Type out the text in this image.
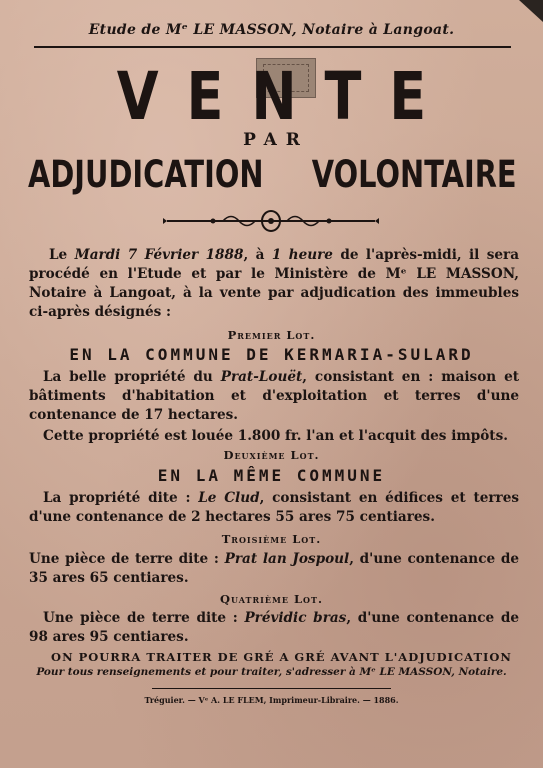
Etude de Mᵉ LE MASSON, Notaire à Langoat.
VENTE
PAR
ADJUDICATION VOLONTAIRE
Le Mardi 7 Février 1888, à 1 heure de l'après-midi, il sera procédé en l'Etude et par le Ministère de Mᵉ LE MASSON, Notaire à Langoat, à la vente par adjudication des immeubles ci-après désignés :
Premier Lot.
EN LA COMMUNE DE KERMARIA-SULARD
La belle propriété du Prat-Louët, consistant en : maison et bâtiments d'habitation et d'exploitation et terres d'une contenance de 17 hectares.
Cette propriété est louée 1.800 fr. l'an et l'acquit des impôts.
Deuxième Lot.
EN LA MÊME COMMUNE
La propriété dite : Le Clud, consistant en édifices et terres d'une contenance de 2 hectares 55 ares 75 centiares.
Troisième Lot.
Une pièce de terre dite : Prat lan Jospoul, d'une contenance de 35 ares 65 centiares.
Quatrième Lot.
Une pièce de terre dite : Prévidic bras, d'une contenance de 98 ares 95 centiares.
ON POURRA TRAITER DE GRÉ A GRÉ AVANT L'ADJUDICATION
Pour tous renseignements et pour traiter, s'adresser à Mᵉ LE MASSON, Notaire.
Tréguier. — Vᵉ A. LE FLEM, Imprimeur-Libraire. — 1886.
